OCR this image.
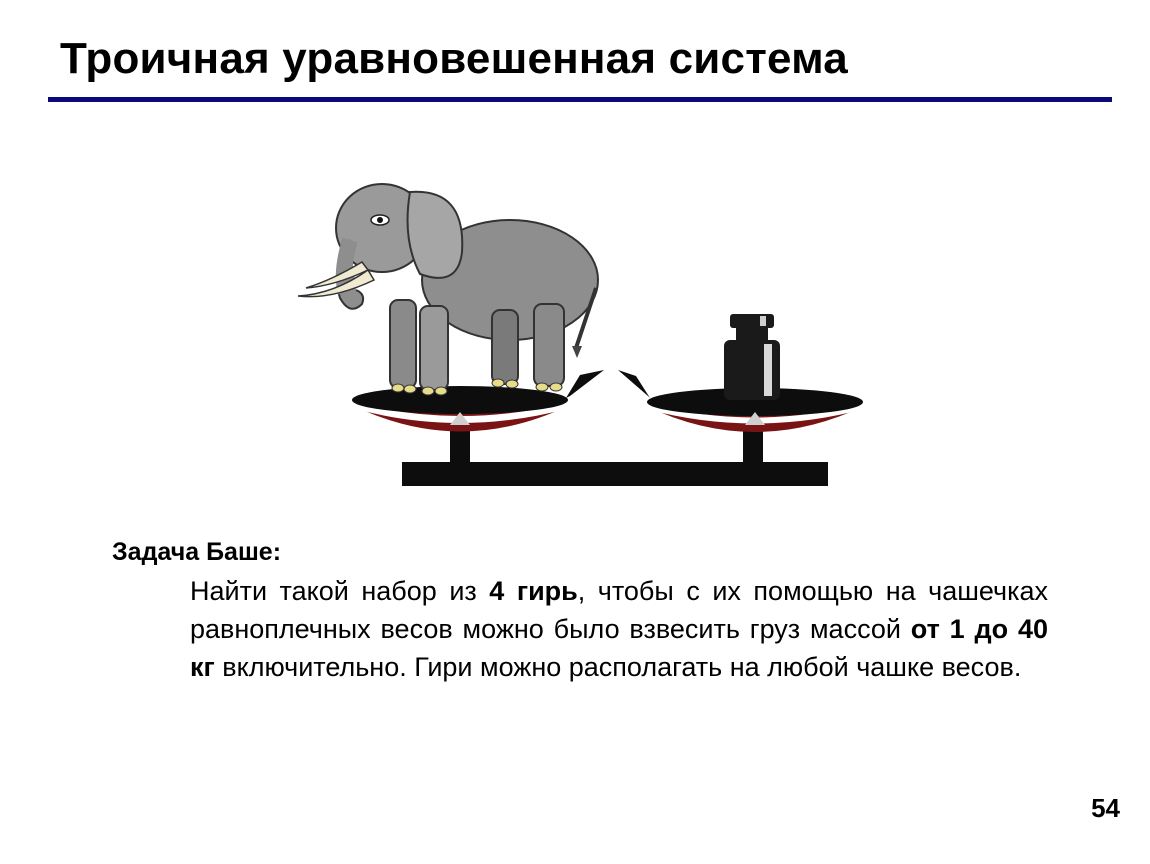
Троичная уравновешенная система
Задача Баше:

Найти такой набор из 4 гирь, чтобы с их помощью на чашечках равноплечных весов можно было взвесить груз массой от 1 до 40 кг включительно. Гири можно располагать на любой чашке весов.

54
